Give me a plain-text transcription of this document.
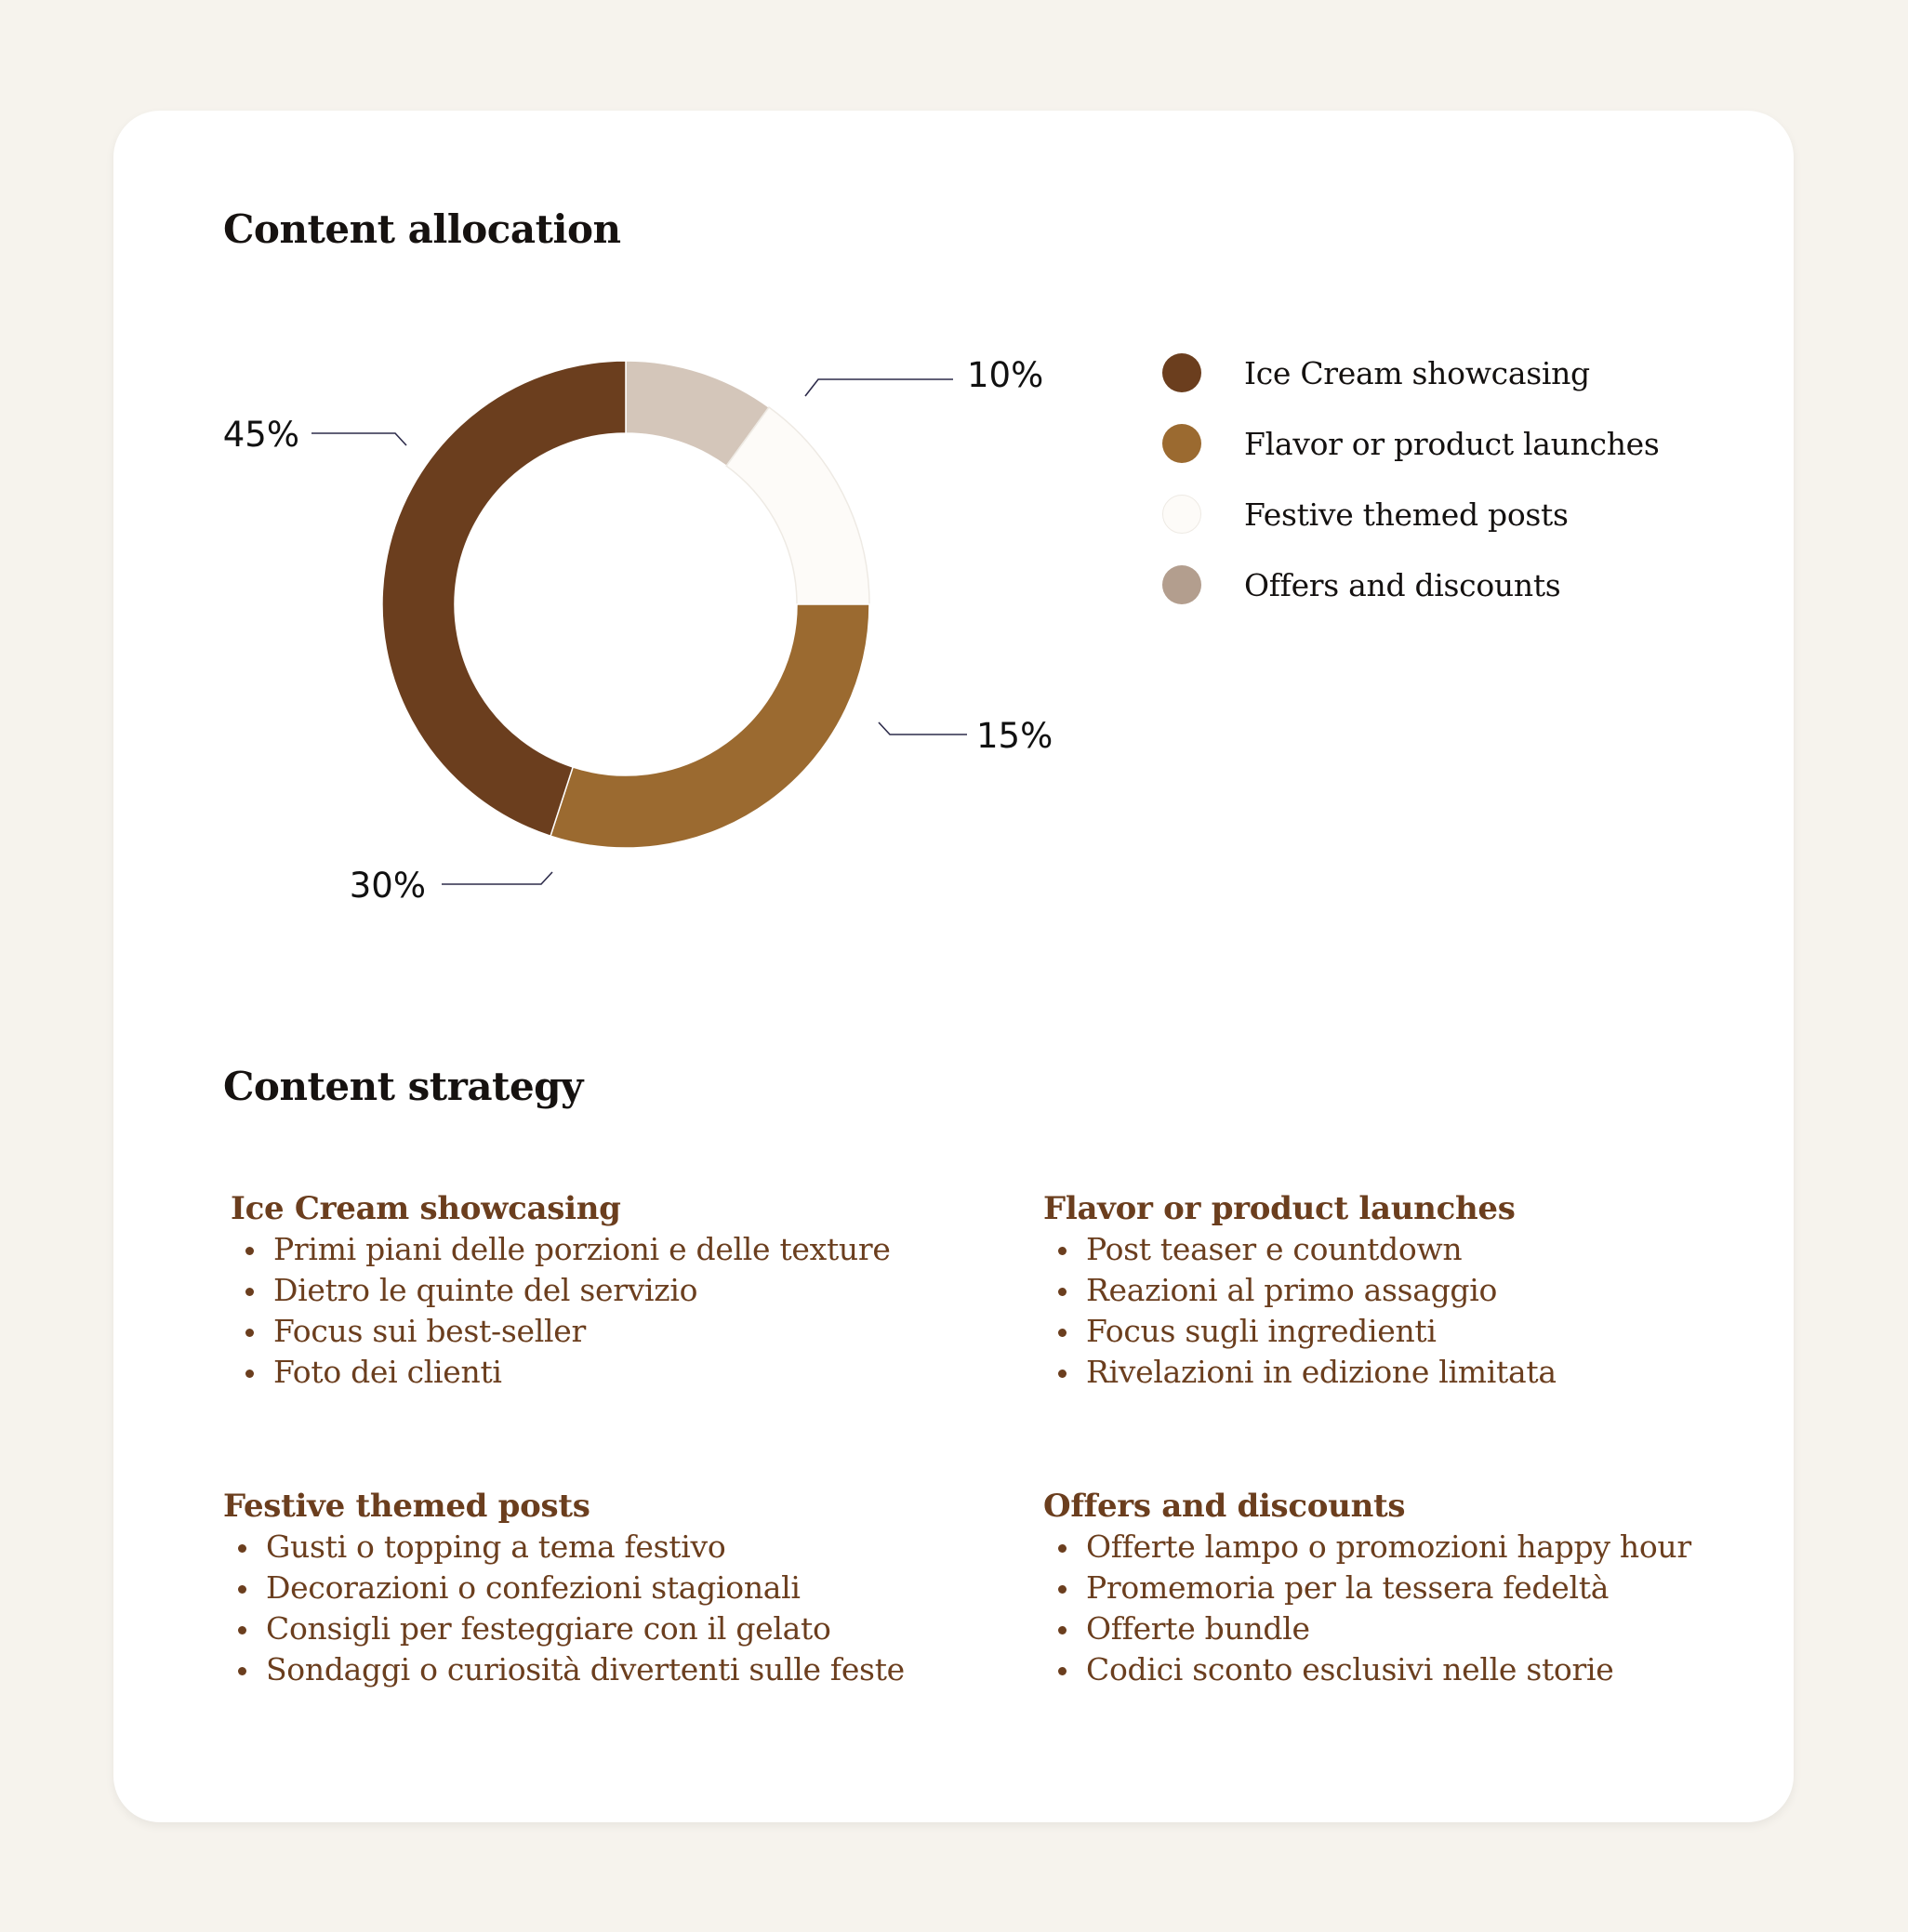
Content allocation
10%
15%
30%
45%
Ice Cream showcasing
Flavor or product launches
Festive themed posts
Offers and discounts
Content strategy
Ice Cream showcasing
Primi piani delle porzioni e delle texture
Dietro le quinte del servizio
Focus sui best-seller
Foto dei clienti
Flavor or product launches
Post teaser e countdown
Reazioni al primo assaggio
Focus sugli ingredienti
Rivelazioni in edizione limitata
Festive themed posts
Gusti o topping a tema festivo
Decorazioni o confezioni stagionali
Consigli per festeggiare con il gelato
Sondaggi o curiosità divertenti sulle feste
Offers and discounts
Offerte lampo o promozioni happy hour
Promemoria per la tessera fedeltà
Offerte bundle
Codici sconto esclusivi nelle storie
